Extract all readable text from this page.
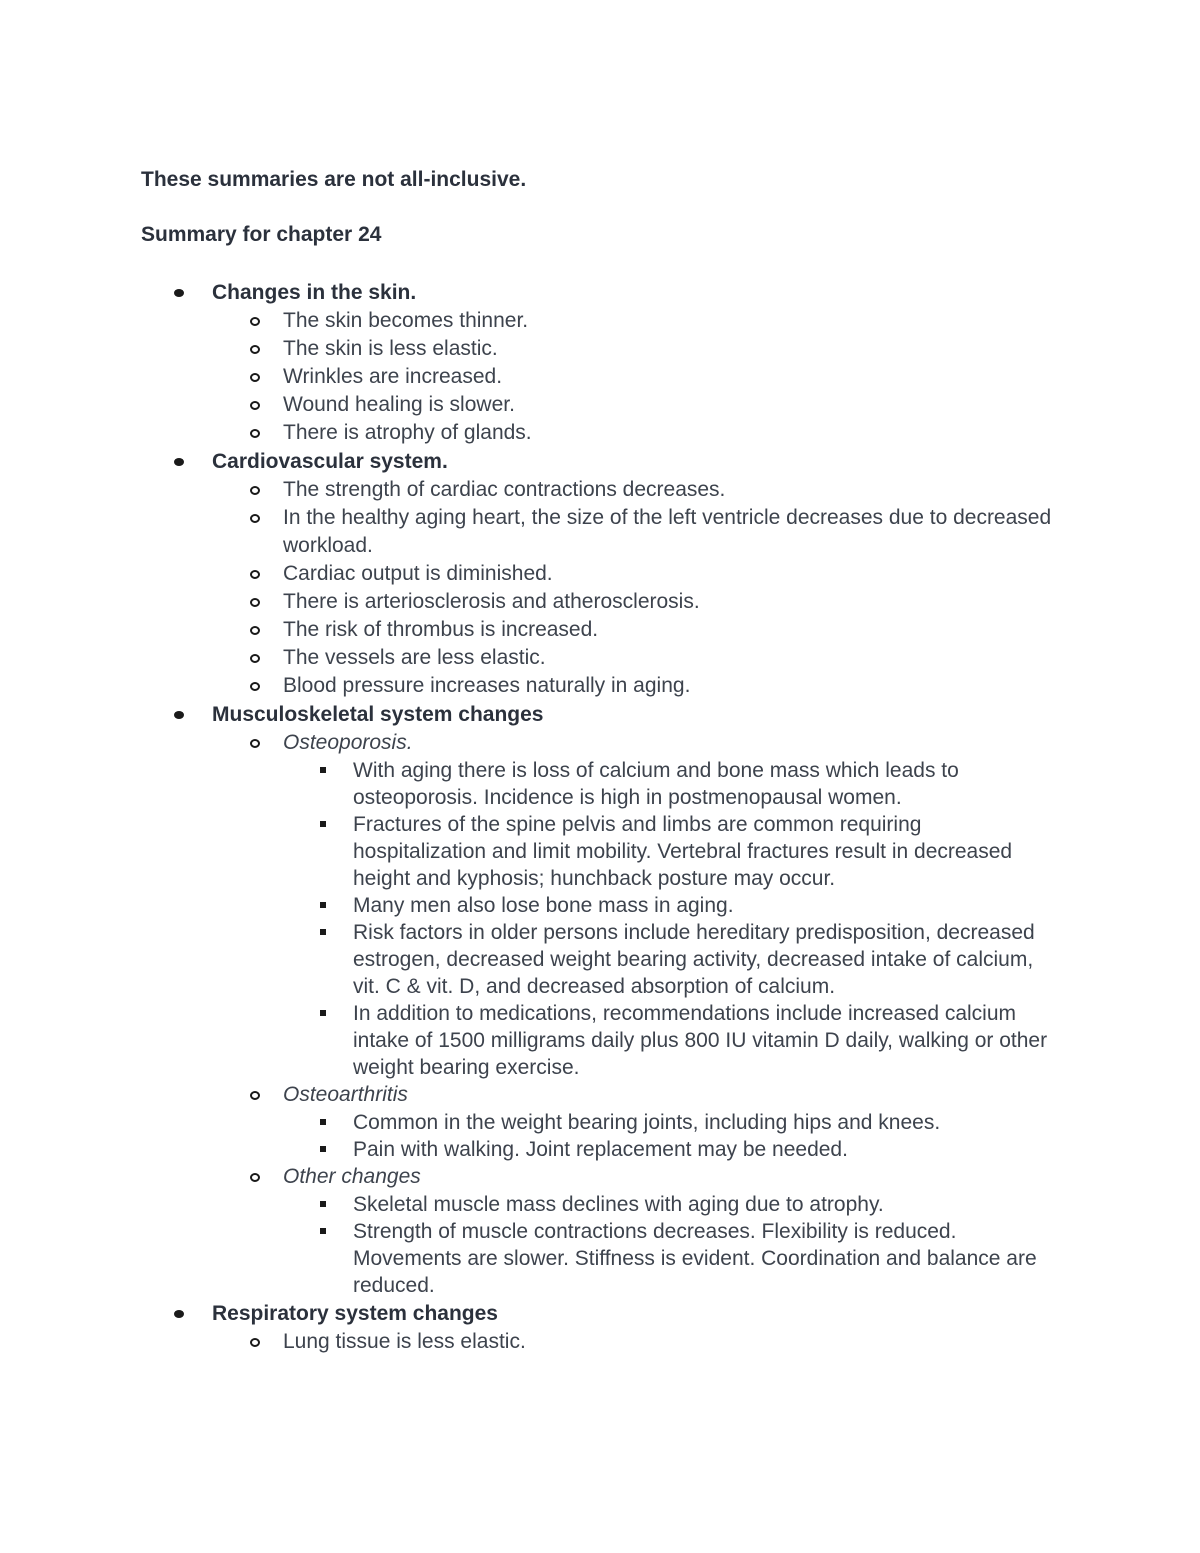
These summaries are not all-inclusive.
Summary for chapter 24
Changes in the skin.
The skin becomes thinner.
The skin is less elastic.
Wrinkles are increased.
Wound healing is slower.
There is atrophy of glands.
Cardiovascular system.
The strength of cardiac contractions decreases.
In the healthy aging heart, the size of the left ventricle decreases due to decreased workload.
Cardiac output is diminished.
There is arteriosclerosis and atherosclerosis.
The risk of thrombus is increased.
The vessels are less elastic.
Blood pressure increases naturally in aging.
Musculoskeletal system changes
Osteoporosis.
With aging there is loss of calcium and bone mass which leads to osteoporosis. Incidence is high in postmenopausal women.
Fractures of the spine pelvis and limbs are common requiring hospitalization and limit mobility. Vertebral fractures result in decreased height and kyphosis; hunchback posture may occur.
Many men also lose bone mass in aging.
Risk factors in older persons include hereditary predisposition, decreased estrogen, decreased weight bearing activity, decreased intake of calcium, vit. C & vit. D, and decreased absorption of calcium.
In addition to medications, recommendations include increased calcium intake of 1500 milligrams daily plus 800 IU vitamin D daily, walking or other weight bearing exercise.
Osteoarthritis
Common in the weight bearing joints, including hips and knees.
Pain with walking. Joint replacement may be needed.
Other changes
Skeletal muscle mass declines with aging due to atrophy.
Strength of muscle contractions decreases. Flexibility is reduced. Movements are slower. Stiffness is evident. Coordination and balance are reduced.
Respiratory system changes
Lung tissue is less elastic.
